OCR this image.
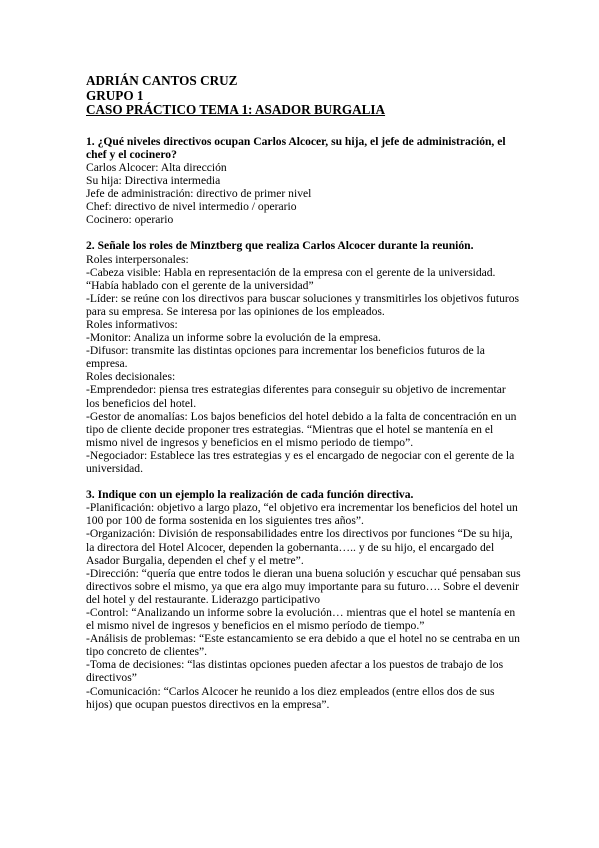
ADRIÁN CANTOS CRUZ

GRUPO 1

CASO PRÁCTICO TEMA 1: ASADOR BURGALIA

1. ¿Qué niveles directivos ocupan Carlos Alcocer, su hija, el jefe de administración, el chef y el cocinero?

Carlos Alcocer: Alta dirección

Su hija: Directiva intermedia

Jefe de administración: directivo de primer nivel

Chef: directivo de nivel intermedio / operario

Cocinero: operario

2. Señale los roles de Minztberg que realiza Carlos Alcocer durante la reunión.

Roles interpersonales:

-Cabeza visible: Habla en representación de la empresa con el gerente de la universidad. “Había hablado con el gerente de la universidad”

-Líder: se reúne con los directivos para buscar soluciones y transmitirles los objetivos futuros para su empresa. Se interesa por las opiniones de los empleados.

Roles informativos:

-Monitor: Analiza un informe sobre la evolución de la empresa.

-Difusor: transmite las distintas opciones para incrementar los beneficios futuros de la empresa.

Roles decisionales:

-Emprendedor: piensa tres estrategias diferentes para conseguir su objetivo de incrementar los beneficios del hotel.

-Gestor de anomalías: Los bajos beneficios del hotel debido a la falta de concentración en un tipo de cliente decide proponer tres estrategias. “Mientras que el hotel se mantenía en el mismo nivel de ingresos y beneficios en el mismo periodo de tiempo”.

-Negociador: Establece las tres estrategias y es el encargado de negociar con el gerente de la universidad.

3. Indique con un ejemplo la realización de cada función directiva.

-Planificación: objetivo a largo plazo, “el objetivo era incrementar los beneficios del hotel un 100 por 100 de forma sostenida en los siguientes tres años”.

-Organización: División de responsabilidades entre los directivos por funciones “De su hija, la directora del Hotel Alcocer, dependen la gobernanta….. y de su hijo, el encargado del Asador Burgalia, dependen el chef y el metre”.

-Dirección: “quería que entre todos le dieran una buena solución y escuchar qué pensaban sus directivos sobre el mismo, ya que era algo muy importante para su futuro…. Sobre el devenir del hotel y del restaurante. Liderazgo participativo

-Control: “Analizando un informe sobre la evolución… mientras que el hotel se mantenía en el mismo nivel de ingresos y beneficios en el mismo período de tiempo.”

-Análisis de problemas: “Este estancamiento se era debido a que el hotel no se centraba en un tipo concreto de clientes”.

-Toma de decisiones: “las distintas opciones pueden afectar a los puestos de trabajo de los directivos”

-Comunicación: “Carlos Alcocer he reunido a los diez empleados (entre ellos dos de sus hijos) que ocupan puestos directivos en la empresa”.
